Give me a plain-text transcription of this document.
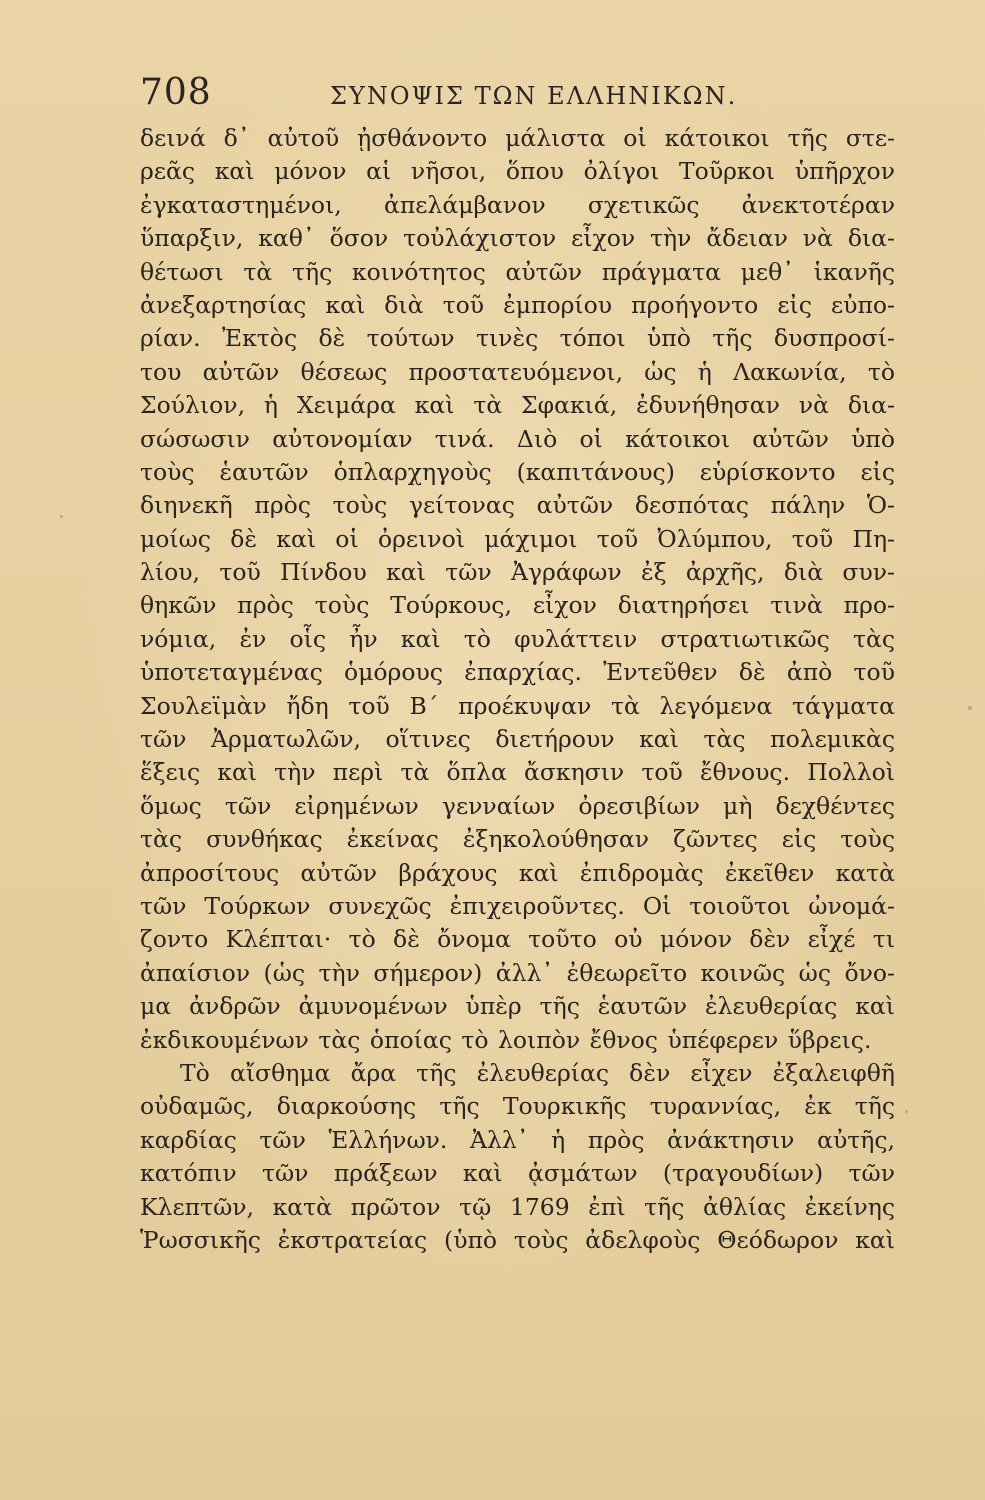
708	ΣΥΝΟΨΙΣ ΤΩΝ ΕΛΛΗΝΙΚΩΝ.
δεινά δ᾽ αὐτοῦ ᾐσθάνοντο μάλιστα οἱ κάτοικοι τῆς στε-
ρεᾶς καὶ μόνον αἱ νῆσοι, ὅπου ὀλίγοι Τοῦρκοι ὑπῆρχον
ἐγκαταστημένοι, ἀπελάμβανον σχετικῶς ἀνεκτοτέραν
ὕπαρξιν, καθ᾽ ὅσον τοὐλάχιστον εἶχον τὴν ἄδειαν νὰ δια-
θέτωσι τὰ τῆς κοινότητος αὐτῶν πράγματα μεθ᾽ ἱκανῆς
ἀνεξαρτησίας καὶ διὰ τοῦ ἐμπορίου προήγοντο εἰς εὐπο-
ρίαν. Ἐκτὸς δὲ τούτων τινὲς τόποι ὑπὸ τῆς δυσπροσί-
του αὐτῶν θέσεως προστατευόμενοι, ὡς ἡ Λακωνία, τὸ
Σούλιον, ἡ Χειμάρα καὶ τὰ Σφακιά, ἐδυνήθησαν νὰ δια-
σώσωσιν αὐτονομίαν τινά. Διὸ οἱ κάτοικοι αὐτῶν ὑπὸ
τοὺς ἑαυτῶν ὁπλαρχηγοὺς (καπιτάνους) εὑρίσκοντο εἰς
διηνεκῆ πρὸς τοὺς γείτονας αὐτῶν δεσπότας πάλην Ὁ-
μοίως δὲ καὶ οἱ ὀρεινοὶ μάχιμοι τοῦ Ὀλύμπου, τοῦ Πη-
λίου, τοῦ Πίνδου καὶ τῶν Ἀγράφων ἐξ ἀρχῆς, διὰ συν-
θηκῶν πρὸς τοὺς Τούρκους, εἶχον διατηρήσει τινὰ προ-
νόμια, ἐν οἷς ἦν καὶ τὸ φυλάττειν στρατιωτικῶς τὰς
ὑποτεταγμένας ὁμόρους ἐπαρχίας. Ἐντεῦθεν δὲ ἀπὸ τοῦ
Σουλεϊμὰν ἤδη τοῦ Β΄ προέκυψαν τὰ λεγόμενα τάγματα
τῶν Ἀρματωλῶν, οἵτινες διετήρουν καὶ τὰς πολεμικὰς
ἕξεις καὶ τὴν περὶ τὰ ὅπλα ἄσκησιν τοῦ ἔθνους. Πολλοὶ
ὅμως τῶν εἰρημένων γενναίων ὀρεσιβίων μὴ δεχθέντες
τὰς συνθήκας ἐκείνας ἐξηκολούθησαν ζῶντες εἰς τοὺς
ἀπροσίτους αὐτῶν βράχους καὶ ἐπιδρομὰς ἐκεῖθεν κατὰ
τῶν Τούρκων συνεχῶς ἐπιχειροῦντες. Οἱ τοιοῦτοι ὠνομά-
ζοντο Κλέπται· τὸ δὲ ὄνομα τοῦτο οὐ μόνον δὲν εἶχέ τι
ἀπαίσιον (ὡς τὴν σήμερον) ἀλλ᾽ ἐθεωρεῖτο κοινῶς ὡς ὄνο-
μα ἀνδρῶν ἀμυνομένων ὑπὲρ τῆς ἑαυτῶν ἐλευθερίας καὶ
ἐκδικουμένων τὰς ὁποίας τὸ λοιπὸν ἔθνος ὑπέφερεν ὕβρεις.
Τὸ αἴσθημα ἄρα τῆς ἐλευθερίας δὲν εἶχεν ἐξαλειφθῆ
οὐδαμῶς, διαρκούσης τῆς Τουρκικῆς τυραννίας, ἐκ τῆς
καρδίας τῶν Ἑλλήνων. Ἀλλ᾽ ἡ πρὸς ἀνάκτησιν αὐτῆς,
κατόπιν τῶν πράξεων καὶ ᾀσμάτων (τραγουδίων) τῶν
Κλεπτῶν, κατὰ πρῶτον τῷ 1769 ἐπὶ τῆς ἀθλίας ἐκείνης
Ῥωσσικῆς ἐκστρατείας (ὑπὸ τοὺς ἀδελφοὺς Θεόδωρον καὶ
